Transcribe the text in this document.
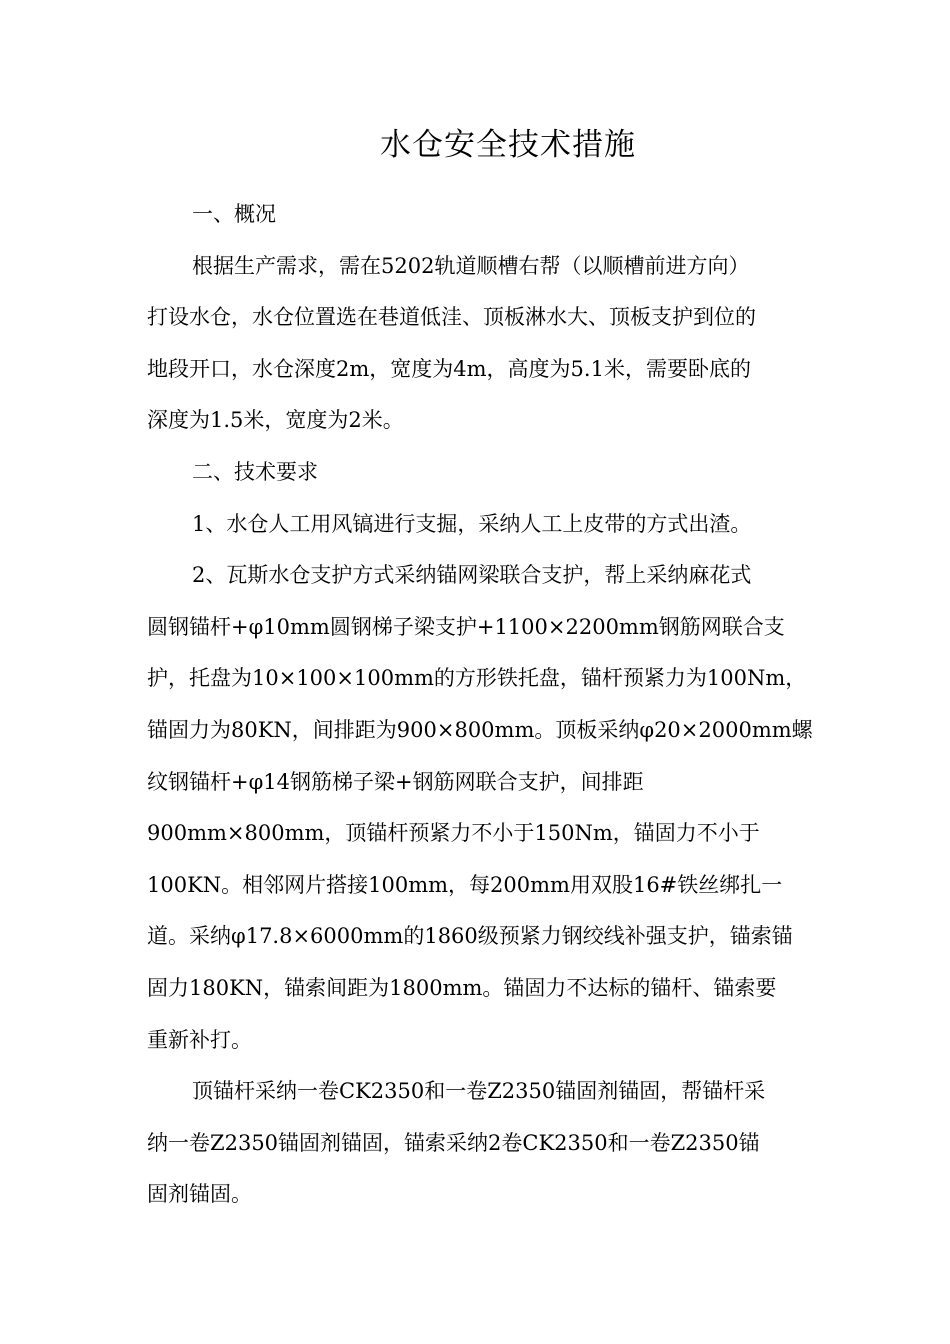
水仓安全技术措施
一、概况
根据生产需求，需在5202轨道顺槽右帮（以顺槽前进方向）
打设水仓，水仓位置选在巷道低洼、顶板淋水大、顶板支护到位的
地段开口，水仓深度2m，宽度为4m，高度为5.1米，需要卧底的
深度为1.5米，宽度为2米。
二、技术要求
1、水仓人工用风镐进行支掘，采纳人工上皮带的方式出渣。
2、瓦斯水仓支护方式采纳锚网梁联合支护，帮上采纳麻花式
圆钢锚杆+φ10mm圆钢梯子梁支护+1100×2200mm钢筋网联合支
护，托盘为10×100×100mm的方形铁托盘，锚杆预紧力为100Nm，
锚固力为80KN，间排距为900×800mm。顶板采纳φ20×2000mm螺
纹钢锚杆+φ14钢筋梯子梁+钢筋网联合支护，间排距
900mm×800mm，顶锚杆预紧力不小于150Nm，锚固力不小于
100KN。相邻网片搭接100mm，每200mm用双股16#铁丝绑扎一
道。采纳φ17.8×6000mm的1860级预紧力钢绞线补强支护，锚索锚
固力180KN，锚索间距为1800mm。锚固力不达标的锚杆、锚索要
重新补打。
顶锚杆采纳一卷CK2350和一卷Z2350锚固剂锚固，帮锚杆采
纳一卷Z2350锚固剂锚固，锚索采纳2卷CK2350和一卷Z2350锚
固剂锚固。
